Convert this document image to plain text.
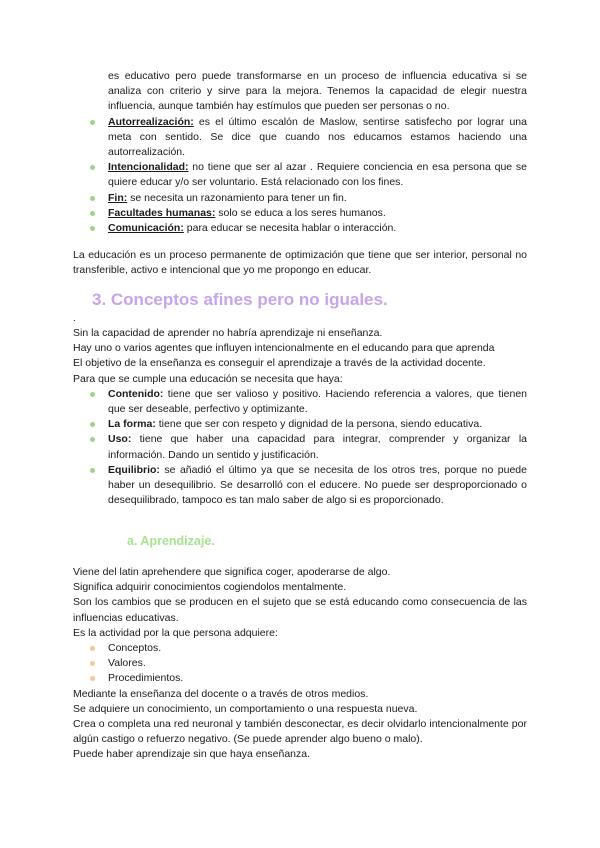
es educativo pero puede transformarse en un proceso de influencia educativa si se analiza con criterio y sirve para la mejora. Tenemos la capacidad de elegir nuestra influencia, aunque también hay estímulos que pueden ser personas o no.

Autorrealización: es el último escalón de Maslow, sentirse satisfecho por lograr una meta con sentido. Se dice que cuando nos educamos estamos haciendo una autorrealización.
Intencionalidad: no tiene que ser al azar . Requiere conciencia en esa persona que se quiere educar y/o ser voluntario. Está relacionado con los fines.
Fin: se necesita un razonamiento para tener un fin.
Facultades humanas: solo se educa a los seres humanos.
Comunicación: para educar se necesita hablar o interacción.

La educación es un proceso permanente de optimización que tiene que ser interior, personal no transferible, activo e intencional que yo me propongo en educar.

3. Conceptos afines pero no iguales.
.

Sin la capacidad de aprender no habría aprendizaje ni enseñanza.

Hay uno o varios agentes que influyen intencionalmente en el educando para que aprenda

El objetivo de la enseñanza es conseguir el aprendizaje a través de la actividad docente.

Para que se cumple una educación se necesita que haya:

Contenido: tiene que ser valioso y positivo. Haciendo referencia a valores, que tienen que ser deseable, perfectivo y optimizante.
La forma: tiene que ser con respeto y dignidad de la persona, siendo educativa.
Uso: tiene que haber una capacidad para integrar, comprender y organizar la información. Dando un sentido y justificación.
Equilibrio: se añadió el último ya que se necesita de los otros tres, porque no puede haber un desequilibrio. Se desarrolló con el educere. No puede ser desproporcionado o desequilibrado, tampoco es tan malo saber de algo si es proporcionado.
a. Aprendizaje.

Viene del latin aprehendere que significa coger, apoderarse de algo.

Significa adquirir conocimientos cogiendolos mentalmente.

Son los cambios que se producen en el sujeto que se está educando como consecuencia de las influencias educativas.

Es la actividad por la que persona adquiere:

Conceptos.
Valores.
Procedimientos.

Mediante la enseñanza del docente o a través de otros medios.

Se adquiere un conocimiento, un comportamiento o una respuesta nueva.

Crea o completa una red neuronal y también desconectar, es decir olvidarlo intencionalmente por algún castigo o refuerzo negativo. (Se puede aprender algo bueno o malo).

Puede haber aprendizaje sin que haya enseñanza.
